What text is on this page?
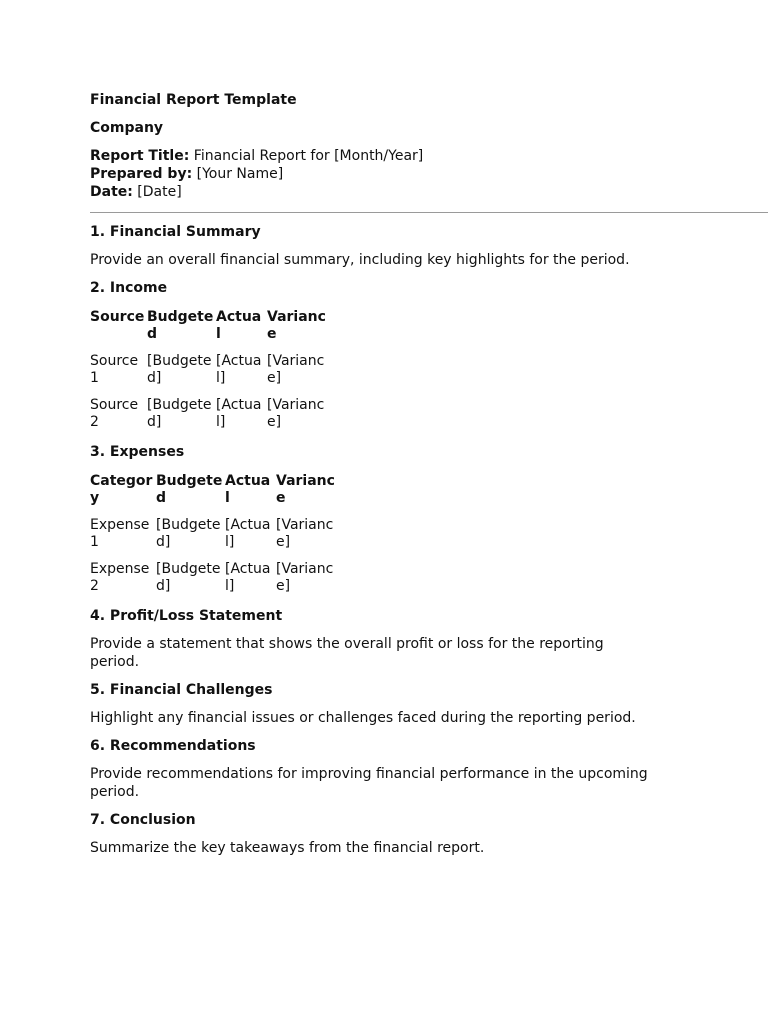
Financial Report Template

Company

Report Title: Financial Report for [Month/Year]
Prepared by: [Your Name]
Date: [Date]

1. Financial Summary

Provide an overall financial summary, including key highlights for the period.

2. Income

Source	Budgeted	Actual	Variance
Source 1	[Budgeted]	[Actual]	[Variance]
Source 2	[Budgeted]	[Actual]	[Variance]

3. Expenses

Category	Budgeted	Actual	Variance
Expense 1	[Budgeted]	[Actual]	[Variance]
Expense 2	[Budgeted]	[Actual]	[Variance]

4. Profit/Loss Statement

Provide a statement that shows the overall profit or loss for the reporting period.

5. Financial Challenges

Highlight any financial issues or challenges faced during the reporting period.

6. Recommendations

Provide recommendations for improving financial performance in the upcoming period.

7. Conclusion

Summarize the key takeaways from the financial report.
